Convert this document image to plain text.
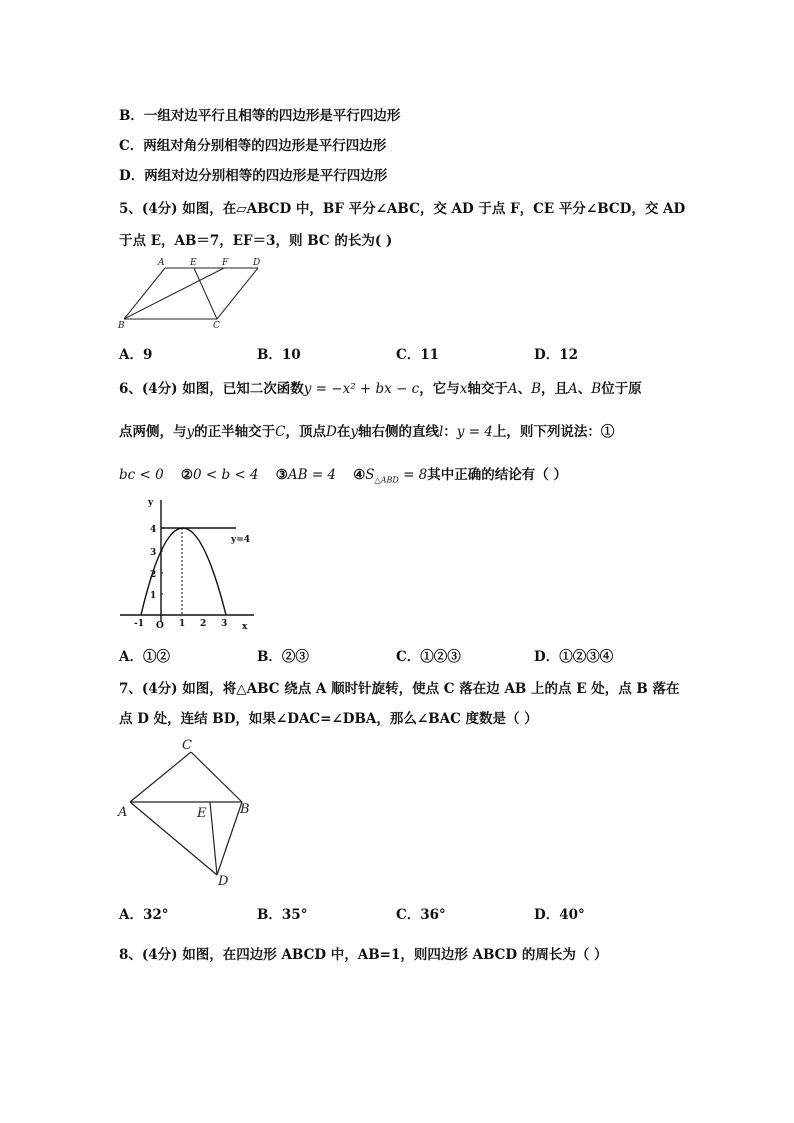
B．一组对边平行且相等的四边形是平行四边形
C．两组对角分别相等的四边形是平行四边形
D．两组对边分别相等的四边形是平行四边形
5、(4分) 如图，在▱ABCD 中，BF 平分∠ABC，交 AD 于点 F，CE 平分∠BCD，交 AD
于点 E，AB＝7，EF＝3，则 BC 的长为( )
A	E	F	D
B	C
A．9	B．10	C．11	D．12
6、(4分) 如图，已知二次函数y = −x² + bx − c，它与x轴交于A、B，且A、B位于原
点两侧，与y的正半轴交于C，顶点D在y轴右侧的直线l：y = 4上，则下列说法：①
bc < 0 ②0 < b < 4 ③AB = 4 $④S_{\triangle ABD} = 8$其中正确的结论有（ ）
y
x
O
y=4
-1	1 2 3
1
2
3
4
A．①②	B．②③	C．①②③	D．①②③④
7、(4分) 如图，将△ABC 绕点 A 顺时针旋转，使点 C 落在边 AB 上的点 E 处，点 B 落在
点 D 处，连结 BD，如果∠DAC=∠DBA，那么∠BAC 度数是（ ）
C
A	E	B
D
A．32°	B．35°	C．36°	D．40°
8、(4分) 如图，在四边形 ABCD 中，AB=1，则四边形 ABCD 的周长为（ ）
